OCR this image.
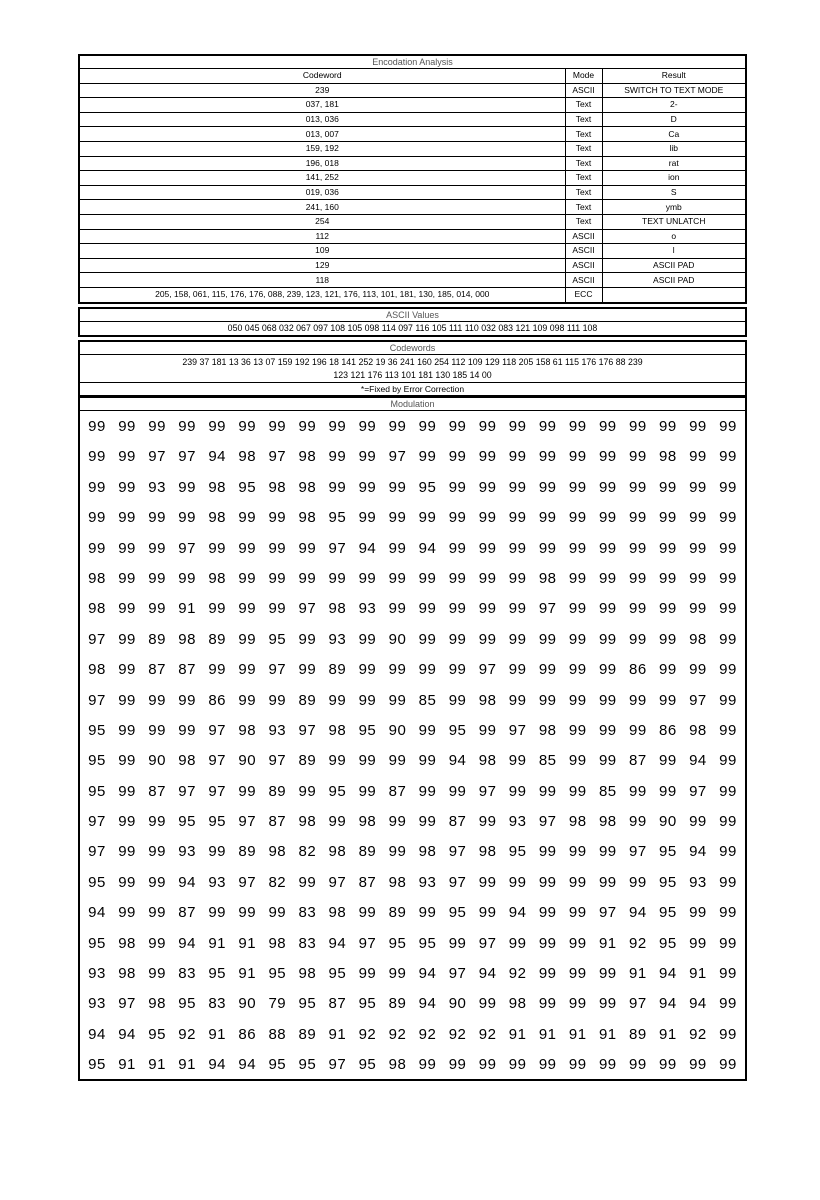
Encodation Analysis
Codeword	Mode	Result
239	ASCII	SWITCH TO TEXT MODE
037, 181	Text	2-
013, 036	Text	D
013, 007	Text	Ca
159, 192	Text	lib
196, 018	Text	rat
141, 252	Text	ion
019, 036	Text	S
241, 160	Text	ymb
254	Text	TEXT UNLATCH
112	ASCII	o
109	ASCII	l
129	ASCII	ASCII PAD
118	ASCII	ASCII PAD
205, 158, 061, 115, 176, 176, 088, 239, 123, 121, 176, 113, 101, 181, 130, 185, 014, 000	ECC	
ASCII Values
050 045 068 032 067 097 108 105 098 114 097 116 105 111 110 032 083 121 109 098 111 108
Codewords
239 37 181 13 36 13 07 159 192 196 18 141 252 19 36 241 160 254 112 109 129 118 205 158 61 115 176 176 88 239
123 121 176 113 101 181 130 185 14 00
*=Fixed by Error Correction
Modulation
99 99 99 99 99 99 99 99 99 99 99 99 99 99 99 99 99 99 99 99 99 99
99 99 97 97 94 98 97 98 99 99 97 99 99 99 99 99 99 99 99 98 99 99
99 99 93 99 98 95 98 98 99 99 99 95 99 99 99 99 99 99 99 99 99 99
99 99 99 99 98 99 99 98 95 99 99 99 99 99 99 99 99 99 99 99 99 99
99 99 99 97 99 99 99 99 97 94 99 94 99 99 99 99 99 99 99 99 99 99
98 99 99 99 98 99 99 99 99 99 99 99 99 99 99 98 99 99 99 99 99 99
98 99 99 91 99 99 99 97 98 93 99 99 99 99 99 97 99 99 99 99 99 99
97 99 89 98 89 99 95 99 93 99 90 99 99 99 99 99 99 99 99 99 98 99
98 99 87 87 99 99 97 99 89 99 99 99 99 97 99 99 99 99 86 99 99 99
97 99 99 99 86 99 99 89 99 99 99 85 99 98 99 99 99 99 99 99 97 99
95 99 99 99 97 98 93 97 98 95 90 99 95 99 97 98 99 99 99 86 98 99
95 99 90 98 97 90 97 89 99 99 99 99 94 98 99 85 99 99 87 99 94 99
95 99 87 97 97 99 89 99 95 99 87 99 99 97 99 99 99 85 99 99 97 99
97 99 99 95 95 97 87 98 99 98 99 99 87 99 93 97 98 98 99 90 99 99
97 99 99 93 99 89 98 82 98 89 99 98 97 98 95 99 99 99 97 95 94 99
95 99 99 94 93 97 82 99 97 87 98 93 97 99 99 99 99 99 99 95 93 99
94 99 99 87 99 99 99 83 98 99 89 99 95 99 94 99 99 97 94 95 99 99
95 98 99 94 91 91 98 83 94 97 95 95 99 97 99 99 99 91 92 95 99 99
93 98 99 83 95 91 95 98 95 99 99 94 97 94 92 99 99 99 91 94 91 99
93 97 98 95 83 90 79 95 87 95 89 94 90 99 98 99 99 99 97 94 94 99
94 94 95 92 91 86 88 89 91 92 92 92 92 92 91 91 91 91 89 91 92 99
95 91 91 91 94 94 95 95 97 95 98 99 99 99 99 99 99 99 99 99 99 99
